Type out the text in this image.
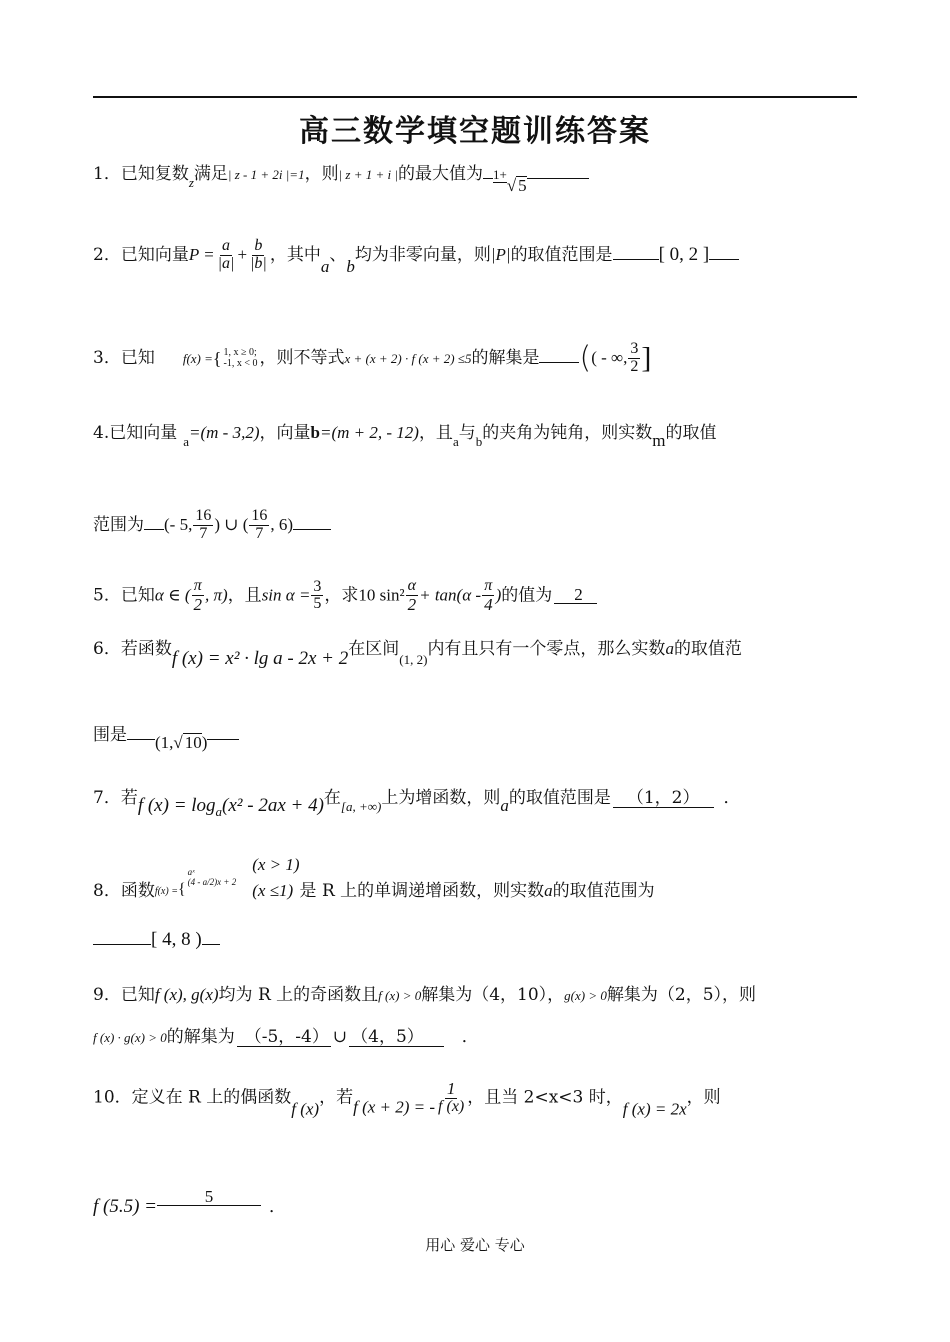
高三数学填空题训练答案
1．已知复数$_z$满足| z - 1 + 2i |=1，则| z + 1 + i |的最大值为 1+√ 5
2．已知向量$P = \frac{a}{|a|} + \frac{b}{|b|}$ ，其中a、b均为非零向量，则|P|的取值范围是 [ 0, 2 ]
3．已知 f(x) ={ 1, x ≥ 0;
-1, x < 0 ，则不等式x + (x + 2) · f (x + 2) ≤5的解集是 (( - ∞, $\frac{3}{2}$ ]
4.已知向量 $_a$=(m - 3,2)，向量b=(m + 2, - 12)，且$_a$与$_b$的夹角为钝角，则实数m的取值
范围为 (- 5, $\frac{16}{7}$ ) ∪ ( $\frac{16}{7}$ , 6)
5．已知α ∈ ( $\frac{\pi}{2}$ , π)，且$\sin \alpha = \frac{3}{5}$ ，求10 $\sin^2 \frac{\alpha}{2} + \tan(\alpha - \frac{\pi}{4}$ )的值为 2
6．若函数f (x) = x² · lg a - 2x + 2在区间$_{(1, 2)}$内有且只有一个零点，那么实数a的取值范
围是 (1,√ 10)
7．若f $(x) = \log_a(x^2 - 2ax + 4)$在$_{[a, +\infty)}$上为增函数，则a的取值范围是 （1，2） ．
8．函数$_{f(x) =}${
aˣ
(4 - a/2)x + 2
(x > 1)
(x ≤1) 是 R 上的单调递增函数，则实数a的取值范围为
[ 4, 8 )
9．已知f (x), g(x)均为 R 上的奇函数且f (x) > 0解集为（4，10），g(x) > 0解集为（2，5），则
f (x) · g(x) > 0的解集为 （-5，-4） ∪ （4，5） ．
10．定义在 R 上的偶函数f (x)，若f (x + 2) = - $\frac{1}{f (x)}$ ，且当 2<x<3 时，f (x) = 2x，则
f (5.5) =	5．
用心 爱心 专心
